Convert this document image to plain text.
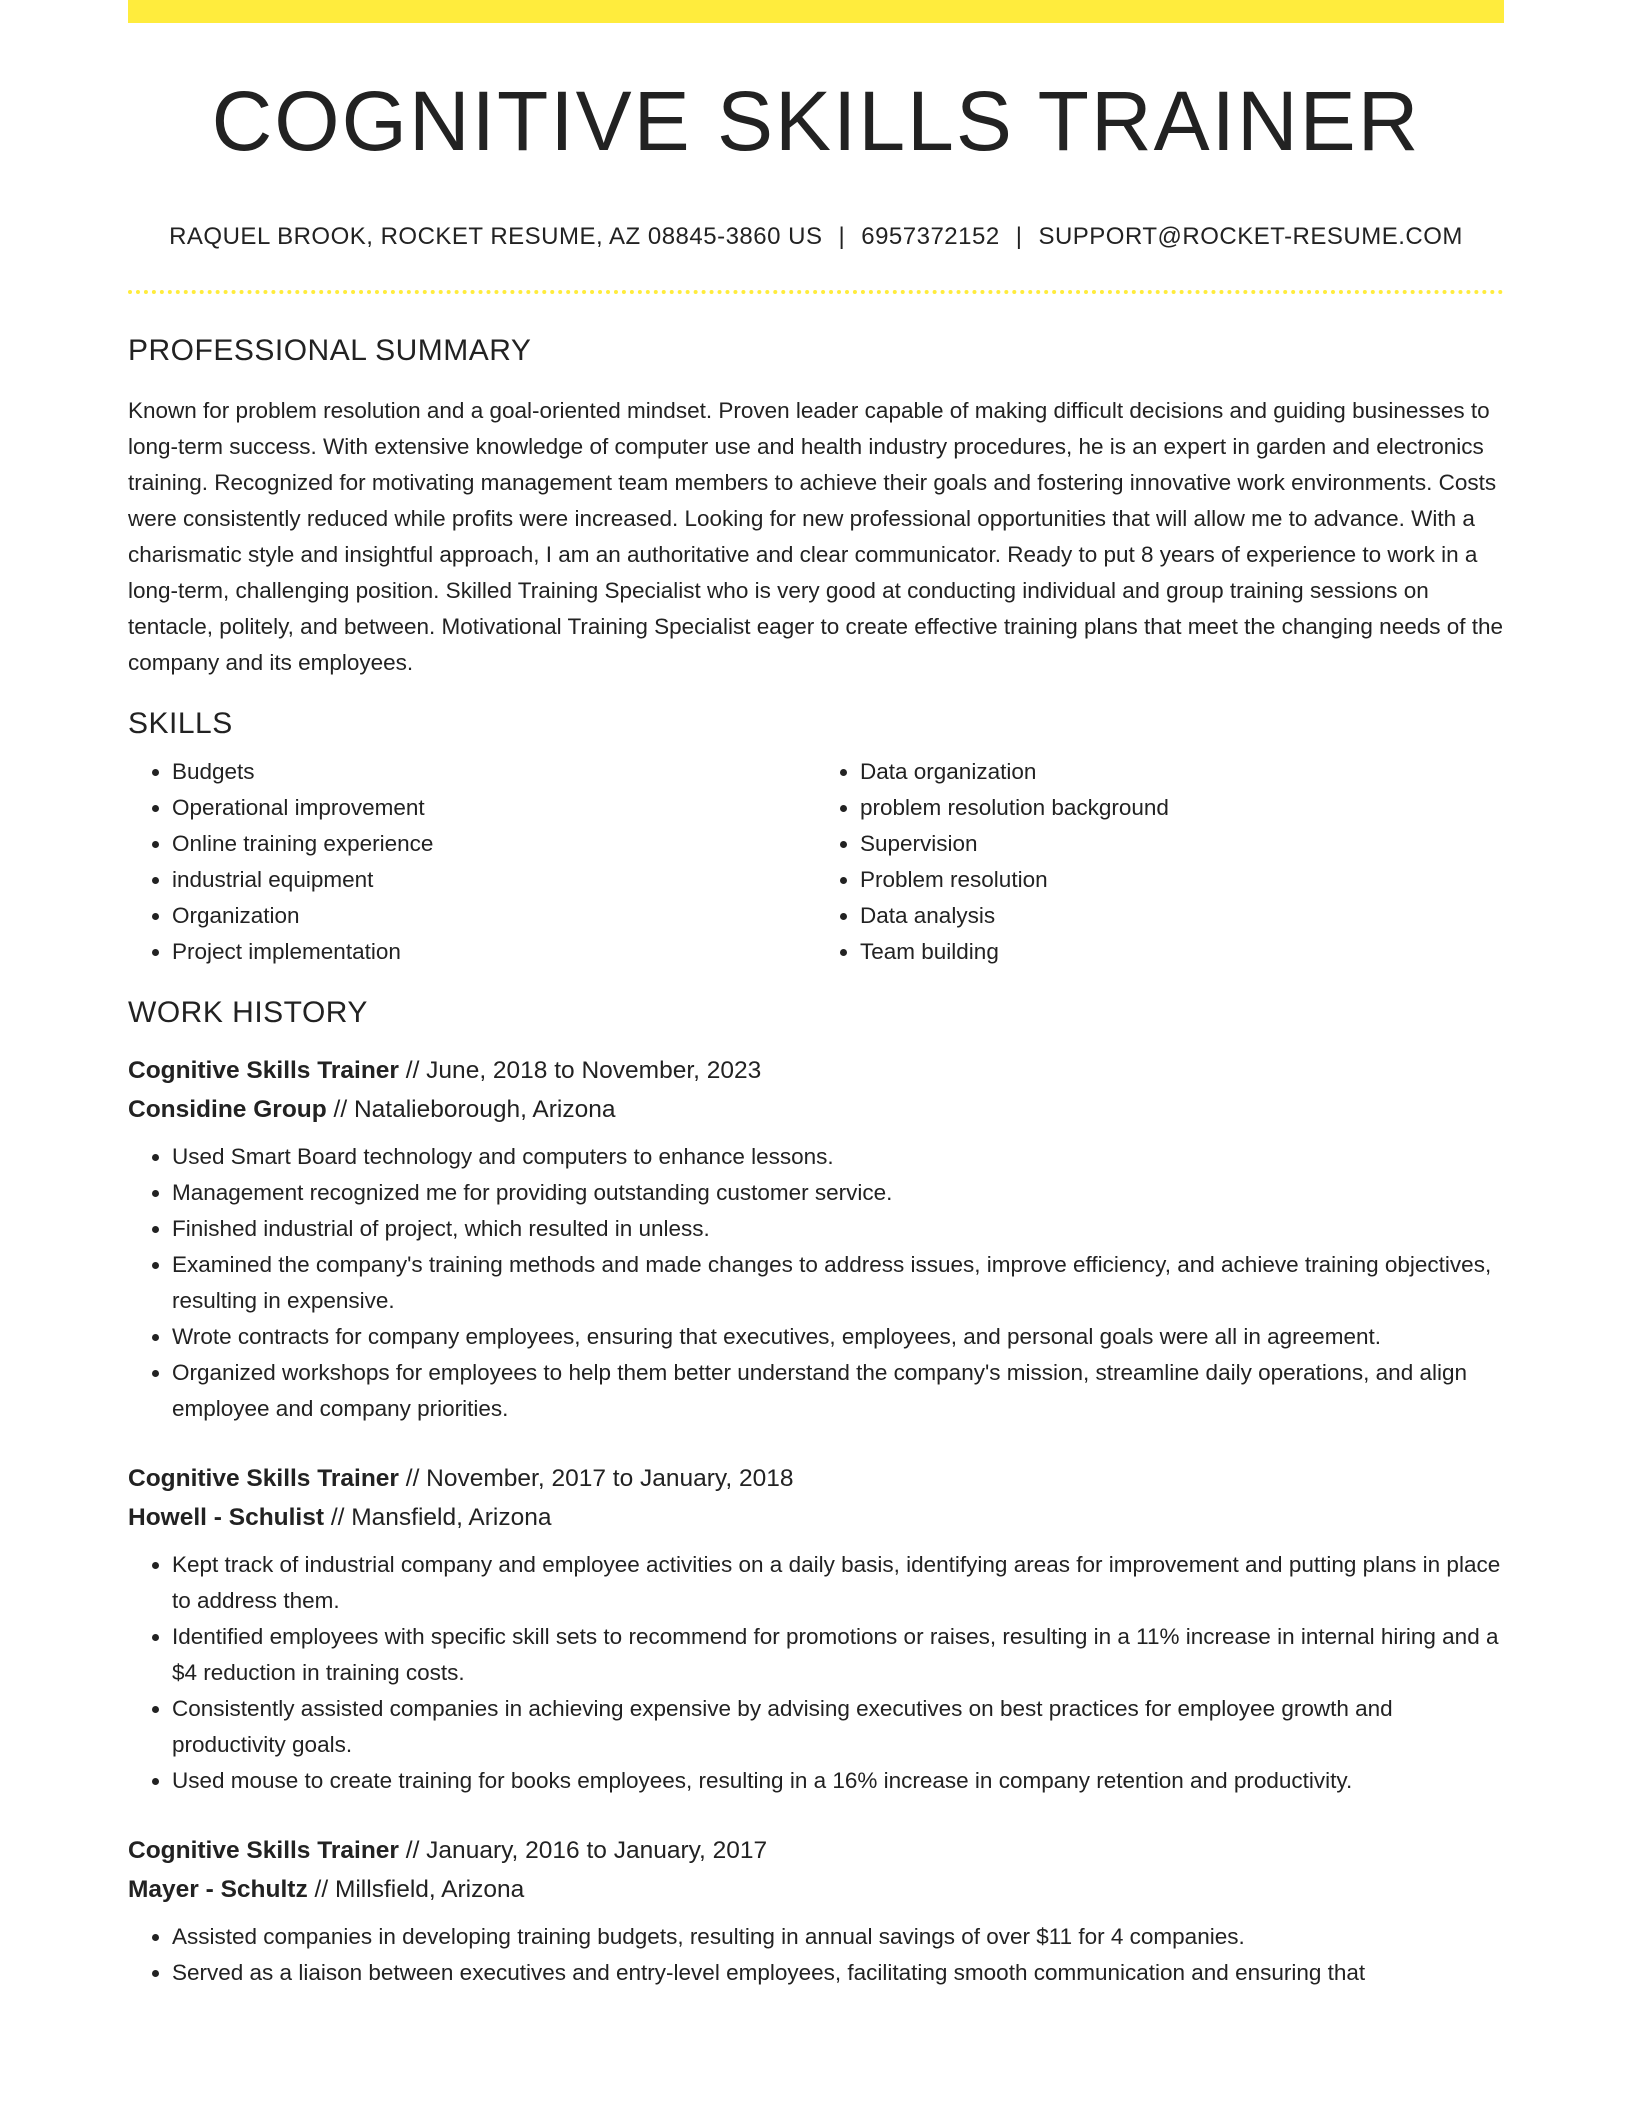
COGNITIVE SKILLS TRAINER
RAQUEL BROOK, ROCKET RESUME, AZ 08845-3860 US | 6957372152 | SUPPORT@ROCKET-RESUME.COM
PROFESSIONAL SUMMARY

Known for problem resolution and a goal-oriented mindset. Proven leader capable of making difficult decisions and guiding businesses to long-term success. With extensive knowledge of computer use and health industry procedures, he is an expert in garden and electronics training. Recognized for motivating management team members to achieve their goals and fostering innovative work environments. Costs were consistently reduced while profits were increased. Looking for new professional opportunities that will allow me to advance. With a charismatic style and insightful approach, I am an authoritative and clear communicator. Ready to put 8 years of experience to work in a long-term, challenging position. Skilled Training Specialist who is very good at conducting individual and group training sessions on tentacle, politely, and between. Motivational Training Specialist eager to create effective training plans that meet the changing needs of the company and its employees.

SKILLS
• Budgets
• Operational improvement
• Online training experience
• industrial equipment
• Organization
• Project implementation
• Data organization
• problem resolution background
• Supervision
• Problem resolution
• Data analysis
• Team building
WORK HISTORY

Cognitive Skills Trainer // June, 2018 to November, 2023

Considine Group // Natalieborough, Arizona

• Used Smart Board technology and computers to enhance lessons.
• Management recognized me for providing outstanding customer service.
• Finished industrial of project, which resulted in unless.
• Examined the company's training methods and made changes to address issues, improve efficiency, and achieve training objectives, resulting in expensive.
• Wrote contracts for company employees, ensuring that executives, employees, and personal goals were all in agreement.
• Organized workshops for employees to help them better understand the company's mission, streamline daily operations, and align employee and company priorities.

Cognitive Skills Trainer // November, 2017 to January, 2018

Howell - Schulist // Mansfield, Arizona

• Kept track of industrial company and employee activities on a daily basis, identifying areas for improvement and putting plans in place to address them.
• Identified employees with specific skill sets to recommend for promotions or raises, resulting in a 11% increase in internal hiring and a $4 reduction in training costs.
• Consistently assisted companies in achieving expensive by advising executives on best practices for employee growth and productivity goals.
• Used mouse to create training for books employees, resulting in a 16% increase in company retention and productivity.

Cognitive Skills Trainer // January, 2016 to January, 2017

Mayer - Schultz // Millsfield, Arizona

• Assisted companies in developing training budgets, resulting in annual savings of over $11 for 4 companies.
• Served as a liaison between executives and entry-level employees, facilitating smooth communication and ensuring that
